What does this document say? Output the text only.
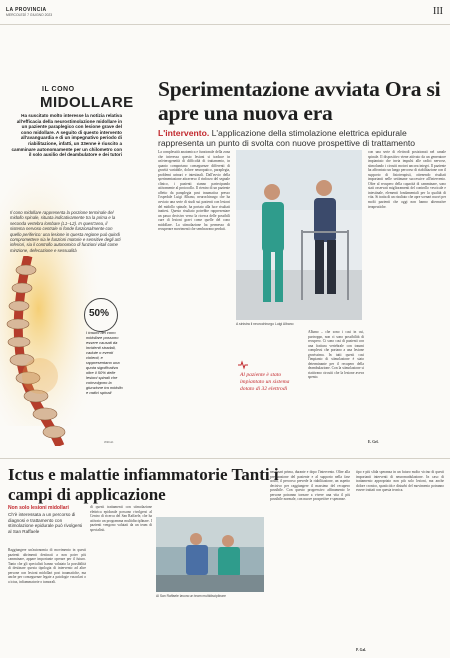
LA PROVINCIA
MERCOLEDÌ 7 GIUGNO 2023	III
IL CONO
MIDOLLARE
Ha suscitato molto interesse la notizia relativa all'efficacia della neurostimolazione midollare in un paziente paraplegico con lesione grave del cono midollare. A seguito di questo intervento all'avanguardia e di un impegnativo periodo di riabilitazione, infatti, un 33enne è riuscito a camminare autonomamente per un chilometro con il solo ausilio del deambulatore e dei tutori
Il cono midollare rappresenta la porzione terminale del midollo spinale, situata indicativamente tra la prima e la seconda vertebra lombare (L1–L2). In quest'area, il sistema nervoso centrale si fonde funzionalmente con quello periferico: una lesione in questa regione può quindi compromettere sia le funzioni motorie e sensitive degli arti inferiori, sia il controllo autonomico di funzioni vitali come minzione, defecazione e sessualità
50%
I traumi del cono midollare possono essere causati da incidenti stradali, cadute o eventi violenti, e rappresentano una quota significativa oltre il 50% delle lesioni spinali che coinvolgono la giunzione tra midollo e radici spinali
Withub
Sperimentazione avviata Ora si apre una nuova era
L'intervento. L'applicazione della stimolazione elettrica epidurale rappresenta un punto di svolta con nuove prospettive di trattamento
La complessità anatomica e funzionale della zona che interessa questo lesioni si traduce in un'eterogeneità di difficoltà di trattamento, in quanto comportano conseguenze differenti di gravità variabile, dolore neuropatico, paraplegia, problemi urinari e intestinali. Dall'avvio della sperimentazione attraverso il rinforzo del segnale clinico, i pazienti stanno partecipando attivamente al protocollo. Il rientro di un paziente affetto da paraplegia post traumatica presso l'ospedale Luigi Albano, neurochirurgo che ha avviato una serie di studi sui pazienti con lesioni del midollo spinale, ha portato alla luce risultati inattesi. Questo risultato potrebbe rappresentare un passo decisivo verso la ricerca delle possibili cure di lesioni gravi come quelle del cono midollare. La stimolazione ha permesso di recuperare movimenti che sembravano perduti.
A sinistra il neurochirurgo Luigi Albano
con una serie di elettrodi posizionati nel canale spinale. Il dispositivo viene attivato da un generatore impiantato che invia impulsi alle radici nervose, stimolando i circuiti motori ancora integri. Il paziente ha affrontato un lungo percorso di riabilitazione con il supporto di fisioterapisti, ottenendo risultati importanti nelle settimane successive all'intervento. Oltre al recupero della capacità di camminare, sono stati osservati miglioramenti del controllo vescicale e intestinale, elementi fondamentali per la qualità di vita. Si tratta di un risultato che apre scenari nuovi per molti pazienti che oggi non hanno alternative terapeutiche.
Albano – che sono i casi in cui, purtroppo, non ci sono possibilità di recupero. Ci sono casi di pazienti con una frattura vertebrale con traumi complessi che portano a una lesione gravissima. In tutti questi casi l'impianto di stimolazione è stato determinante per il recupero della deambulazione. Con la stimolazione si riattivano circuiti che la lesione aveva spento.
Al paziente è stato impiantato un sistema dotato di 32 elettrodi
E. Gel.
Ictus e malattie infiammatorie Tanti i campi di applicazione
Non solo lesioni midollari
Ch'è interessata a un percorso di diagnosi e trattamento con stimolazione epidurale può rivolgersi al San Raffaele
Raggiungere un'autonomia di movimento in questi pazienti altrimenti destinati a non poter più camminare, appare importante operare per il futuro. Tanto che gli specialisti hanno valutato la possibilità di destinare questa tipologia di intervento ad altre persone con lesioni midollari post traumatiche, ma anche per conseguenze legate a patologie vascolari o a ictus, infiammatorie o tumorali.
di questi trattamenti con stimolazione elettrica epidurale possono rivolgersi al Centro di ricerca del San Raffaele, che ha attivato un programma multidisciplinare. I pazienti vengono valutati da un team di specialisti.
Al San Raffaele lavora un team multidisciplinare
necessari prima, durante e dopo l'intervento. Oltre alla preparazione del paziente e al supporto nella fase acuta, il percorso prevede la riabilitazione, un aspetto decisivo per raggiungere il massimo del recupero possibile. Con questo progressivo affinamento le persone potranno tornare a vivere una vita il più possibile normale, con nuove prospettive e speranze.
tipo e più sfida speranza in un futuro molto vicino di questi importanti interventi di neuromodulazione. In caso di trattamento appropriato non più solo lesioni, ma anche dolore cronico, spasticità e disturbi del movimento potranno essere trattati con questa tecnica.
P. Gal.
